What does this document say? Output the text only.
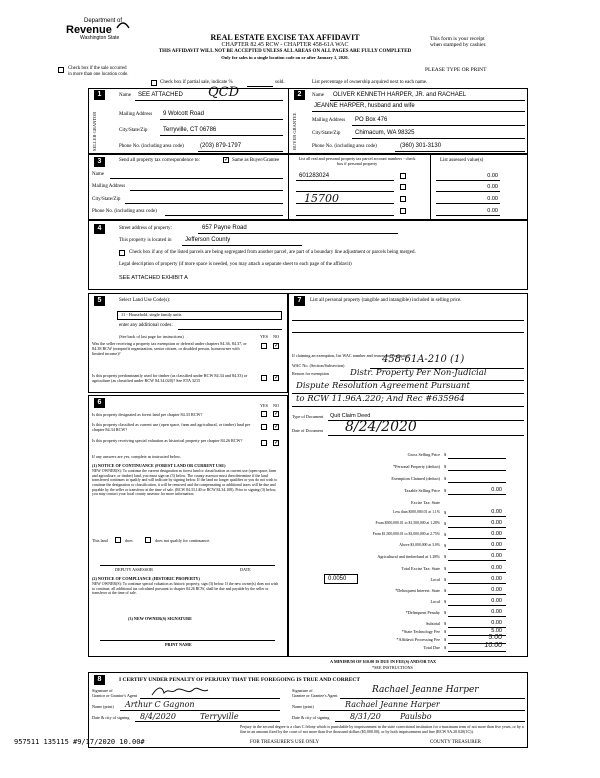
Department of
Revenue
Washington State	REAL ESTATE EXCISE TAX AFFIDAVIT
CHAPTER 82.45 RCW - CHAPTER 458-61A WAC
THIS AFFIDAVIT WILL NOT BE ACCEPTED UNLESS ALL AREAS ON ALL PAGES ARE FULLY COMPLETED
Only for sales in a single location code on or after January 1, 2020.
This form is your receipt
when stamped by cashier.
PLEASE TYPE OR PRINT
Check box if the sale occurred
in more than one location code.
Check box if partial sale, indicate %	sold.	List percentage of ownership acquired next to each name.
1
SELLER GRANTOR
Name SEE ATTACHED QCD
Mailing Address 9 Wolcott Road
City/State/Zip	Terryville, CT 06786
Phone No. (including area code)	(203) 879-1797
2
BUYER GRANTEE
Name OLIVER KENNETH HARPER, JR. and RACHAEL
JEANNE HARPER, husband and wife
Mailing Address PO Box 476
City/State/Zip Chimacum, WA 98325
Phone No. (including area code)	(360) 301-3130
3	Send all property tax correspondence to:	✓ Same as Buyer/Grantee
Name
Mailing Address
City/State/Zip
Phone No. (including area code)
List all real and personal property tax parcel account numbers - check box if personal property
List assessed value(s)
601283024	0.00
0.00
15700	0.00
0.00
4	Street address of property:	657 Payne Road
This property is located in Jefferson County
Check box if any of the listed parcels are being segregated from another parcel, are part of a boundary line adjustment or parcels being merged.
Legal description of property (if more space is needed, you may attach a separate sheet to each page of the affidavit)
SEE ATTACHED EXHIBIT A
5	Select Land Use Code(s):
11 - Household, single family units
enter any additional codes:
(See back of last page for instructions)	YES NO
Was the seller receiving a property tax exemption or deferral under chapters 84.36, 84.37, or 84.38 RCW (nonprofit organization, senior citizen, or disabled person, homeowner with limited income)?
✓
Is this property predominantly used for timber (as classified under RCW 84.34 and 84.33) or agriculture (as classified under RCW 84.34.020)? See ETA 3215	✓
6	YES NO
Is this property designated as forest land per chapter 84.33 RCW?	✓
Is this property classified as current use (open space, farm and agricultural, or timber) land per chapter 84.34 RCW?	✓
Is this property receiving special valuation as historical property per chapter 84.26 RCW?	✓
If any answers are yes, complete as instructed below.
(1) NOTICE OF CONTINUANCE (FOREST LAND OR CURRENT USE)
NEW OWNER(S): To continue the current designation as forest land or classification as current use (open space, farm and agriculture, or timber) land, you must sign on (3) below. The county assessor must then determine if the land transferred continues to qualify and will indicate by signing below. If the land no longer qualifies or you do not wish to continue the designation or classification, it will be removed and the compensating or additional taxes will be due and payable by the seller or transferor at the time of sale. (RCW 84.33.140 or RCW 84.34.108). Prior to signing (3) below, you may contact your local county assessor for more information.
This land	does	does not qualify for continuance.
DEPUTY ASSESSOR	DATE
(2) NOTICE OF COMPLIANCE (HISTORIC PROPERTY)
NEW OWNER(S): To continue special valuation as historic property, sign (3) below. If the new owner(s) does not wish to continue, all additional tax calculated pursuant to chapter 84.26 RCW, shall be due and payable by the seller or transferor at the time of sale.
(3) NEW OWNER(S) SIGNATURE
PRINT NAME
7	List all personal property (tangible and intangible) included in selling price.
If claiming an exemption, list WAC number and reason for exemption:
WAC No. (Section/Subsection)
458-61A-210 (1)
Reason for exemption Distr. Property Per Non-Judicial
Dispute Resolution Agreement Pursuant
to RCW 11.96A.220; And Rec #635964
Type of Document Quit Claim Deed
Date of Document 8/24/2020
Gross Selling Price $
*Personal Property (deduct) $
Exemption Claimed (deduct) $
Taxable Selling Price $	0.00
Excise Tax: State
Less than $500,000.01 at 1.1% $	0.00
From $500,000.01 to $1,500,000 at 1.28% $	0.00
From $1,500,000.01 to $3,000,000 at 2.75% $	0.00
Above $3,000,000 at 3.0% $	0.00
Agricultural and timberland at 1.28% $	0.00
Total Excise Tax: State $	0.00
0.0050	Local $	0.00
*Delinquent Interest: State $	0.00
Local $	0.00
*Delinquent Penalty $	0.00
Subtotal $	0.00
*State Technology Fee $	5.00
*Affidavit Processing Fee $	5.00
Total Due $	10.00
A MINIMUM OF $10.00 IS DUE IN FEE(S) AND/OR TAX
*SEE INSTRUCTIONS
8	I CERTIFY UNDER PENALTY OF PERJURY THAT THE FOREGOING IS TRUE AND CORRECT
Signature of
Grantor or Grantor's Agent
Name (print) Arthur C Gagnon
Date & city of signing 8/4/2020	Terryville
Signature of
Grantee or Grantee's Agent
Rachael Jeanne Harper
Name (print)	Rachael Jeanne Harper
Date & city of signing	8/31/20 Paulsbo
Perjury in the second degree is a class C felony which is punishable by imprisonment in the state correctional institution for a maximum term of not more than five years, or by a
fine in an amount fixed by the court of not more than five thousand dollars ($5,000.00), or by both imprisonment and fine (RCW 9A.20.020(1C)).
FOR TREASURER'S USE ONLY	COUNTY TREASURER
957511 135115 #9/17/2020 10.00#
